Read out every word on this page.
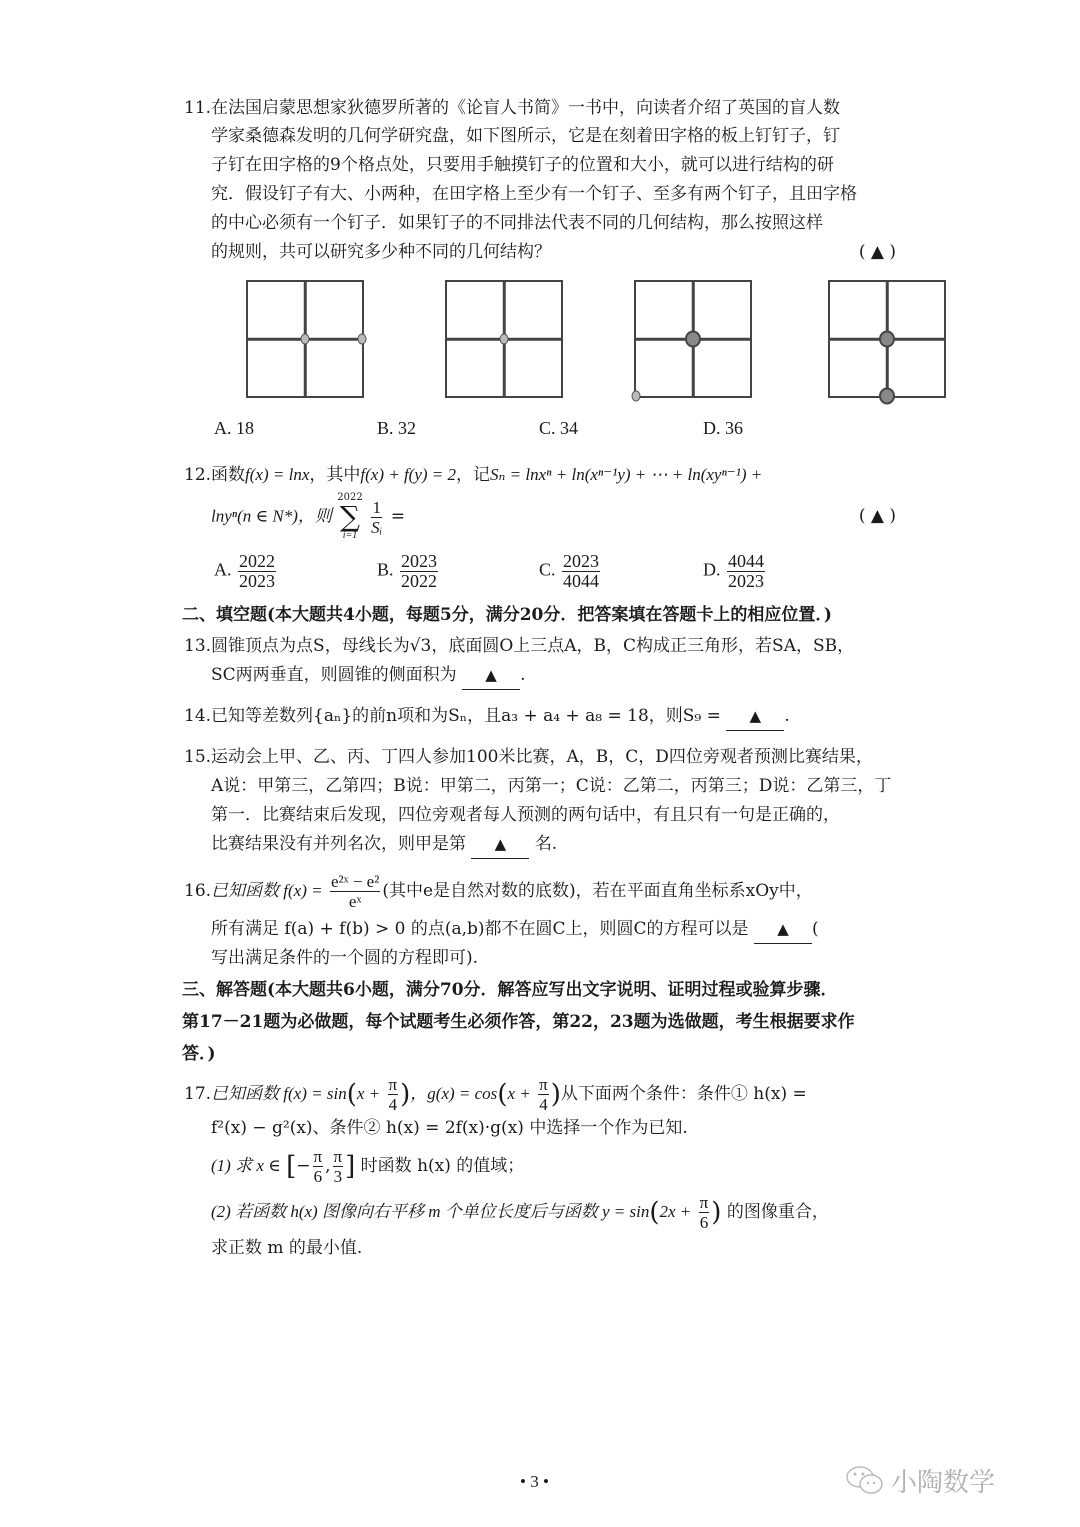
11.在法国启蒙思想家狄德罗所著的《论盲人书简》一书中，向读者介绍了英国的盲人数
学家桑德森发明的几何学研究盘，如下图所示，它是在刻着田字格的板上钉钉子，钉
子钉在田字格的9个格点处，只要用手触摸钉子的位置和大小，就可以进行结构的研
究．假设钉子有大、小两种，在田字格上至少有一个钉子、至多有两个钉子，且田字格
的中心必须有一个钉子．如果钉子的不同排法代表不同的几何结构，那么按照这样
的规则，共可以研究多少种不同的几何结构？	( ▲ )
A. 18	B. 32	C. 34	D. 36
12.函数f(x) = lnx，其中f(x) + f(y) = 2，记Sₙ = lnxⁿ + ln(xⁿ⁻¹y) + ⋯ + ln(xyⁿ⁻¹) +
lnyⁿ(n ∈ N*)，则
2022
∑
i=1
$\frac{1}{\text{Sᵢ}}$ =	( ▲ )
A. $\frac{2022}{2023}$	B. $\frac{2023}{2022}$	C. $\frac{2023}{4044}$	D. $\frac{4044}{2023}$
二、填空题(本大题共4小题，每题5分，满分20分．把答案填在答题卡上的相应位置．)
13.圆锥顶点为点S，母线长为√3，底面圆O上三点A，B，C构成正三角形，若SA，SB，
SC两两垂直，则圆锥的侧面积为 ▲ .
14.已知等差数列{aₙ}的前n项和为Sₙ，且a₃ + a₄ + a₈ = 18，则S₉ = ▲ .
15.运动会上甲、乙、丙、丁四人参加100米比赛，A，B，C，D四位旁观者预测比赛结果，
A说：甲第三，乙第四；B说：甲第二，丙第一；C说：乙第二，丙第三；D说：乙第三，丁
第一．比赛结束后发现，四位旁观者每人预测的两句话中，有且只有一句是正确的，
比赛结果没有并列名次，则甲是第 ▲ 名.
16.已知函数 $f(x) = \frac{\text{e²ˣ − e²}}{\text{eˣ}}$ (其中e是自然对数的底数)，若在平面直角坐标系xOy中，
所有满足 f(a) + f(b) > 0 的点(a,b)都不在圆C上，则圆C的方程可以是 ▲ (
写出满足条件的一个圆的方程即可).
三、解答题(本大题共6小题，满分70分．解答应写出文字说明、证明过程或验算步骤．
第17－21题为必做题，每个试题考生必须作答，第22，23题为选做题，考生根据要求作
答．)
17.已知函数 $f(x) = \sin(x + \frac{\pi}{4}$ )，$g(x) = \cos(x + \frac{\pi}{4}$ )从下面两个条件：条件① h(x) =
f²(x) − g²(x)、条件② h(x) = 2f(x)·g(x) 中选择一个作为已知.
(1) 求 x ∈ [− $\frac{\pi}{6}$ , $\frac{\pi}{3}$ ] 时函数 h(x) 的值域；
(2) 若函数 h(x) 图像向右平移 m 个单位长度后与函数 $y = \sin(2x + \frac{\pi}{6}$ ) 的图像重合，
求正数 m 的最小值.
• 3 •	小陶数学
